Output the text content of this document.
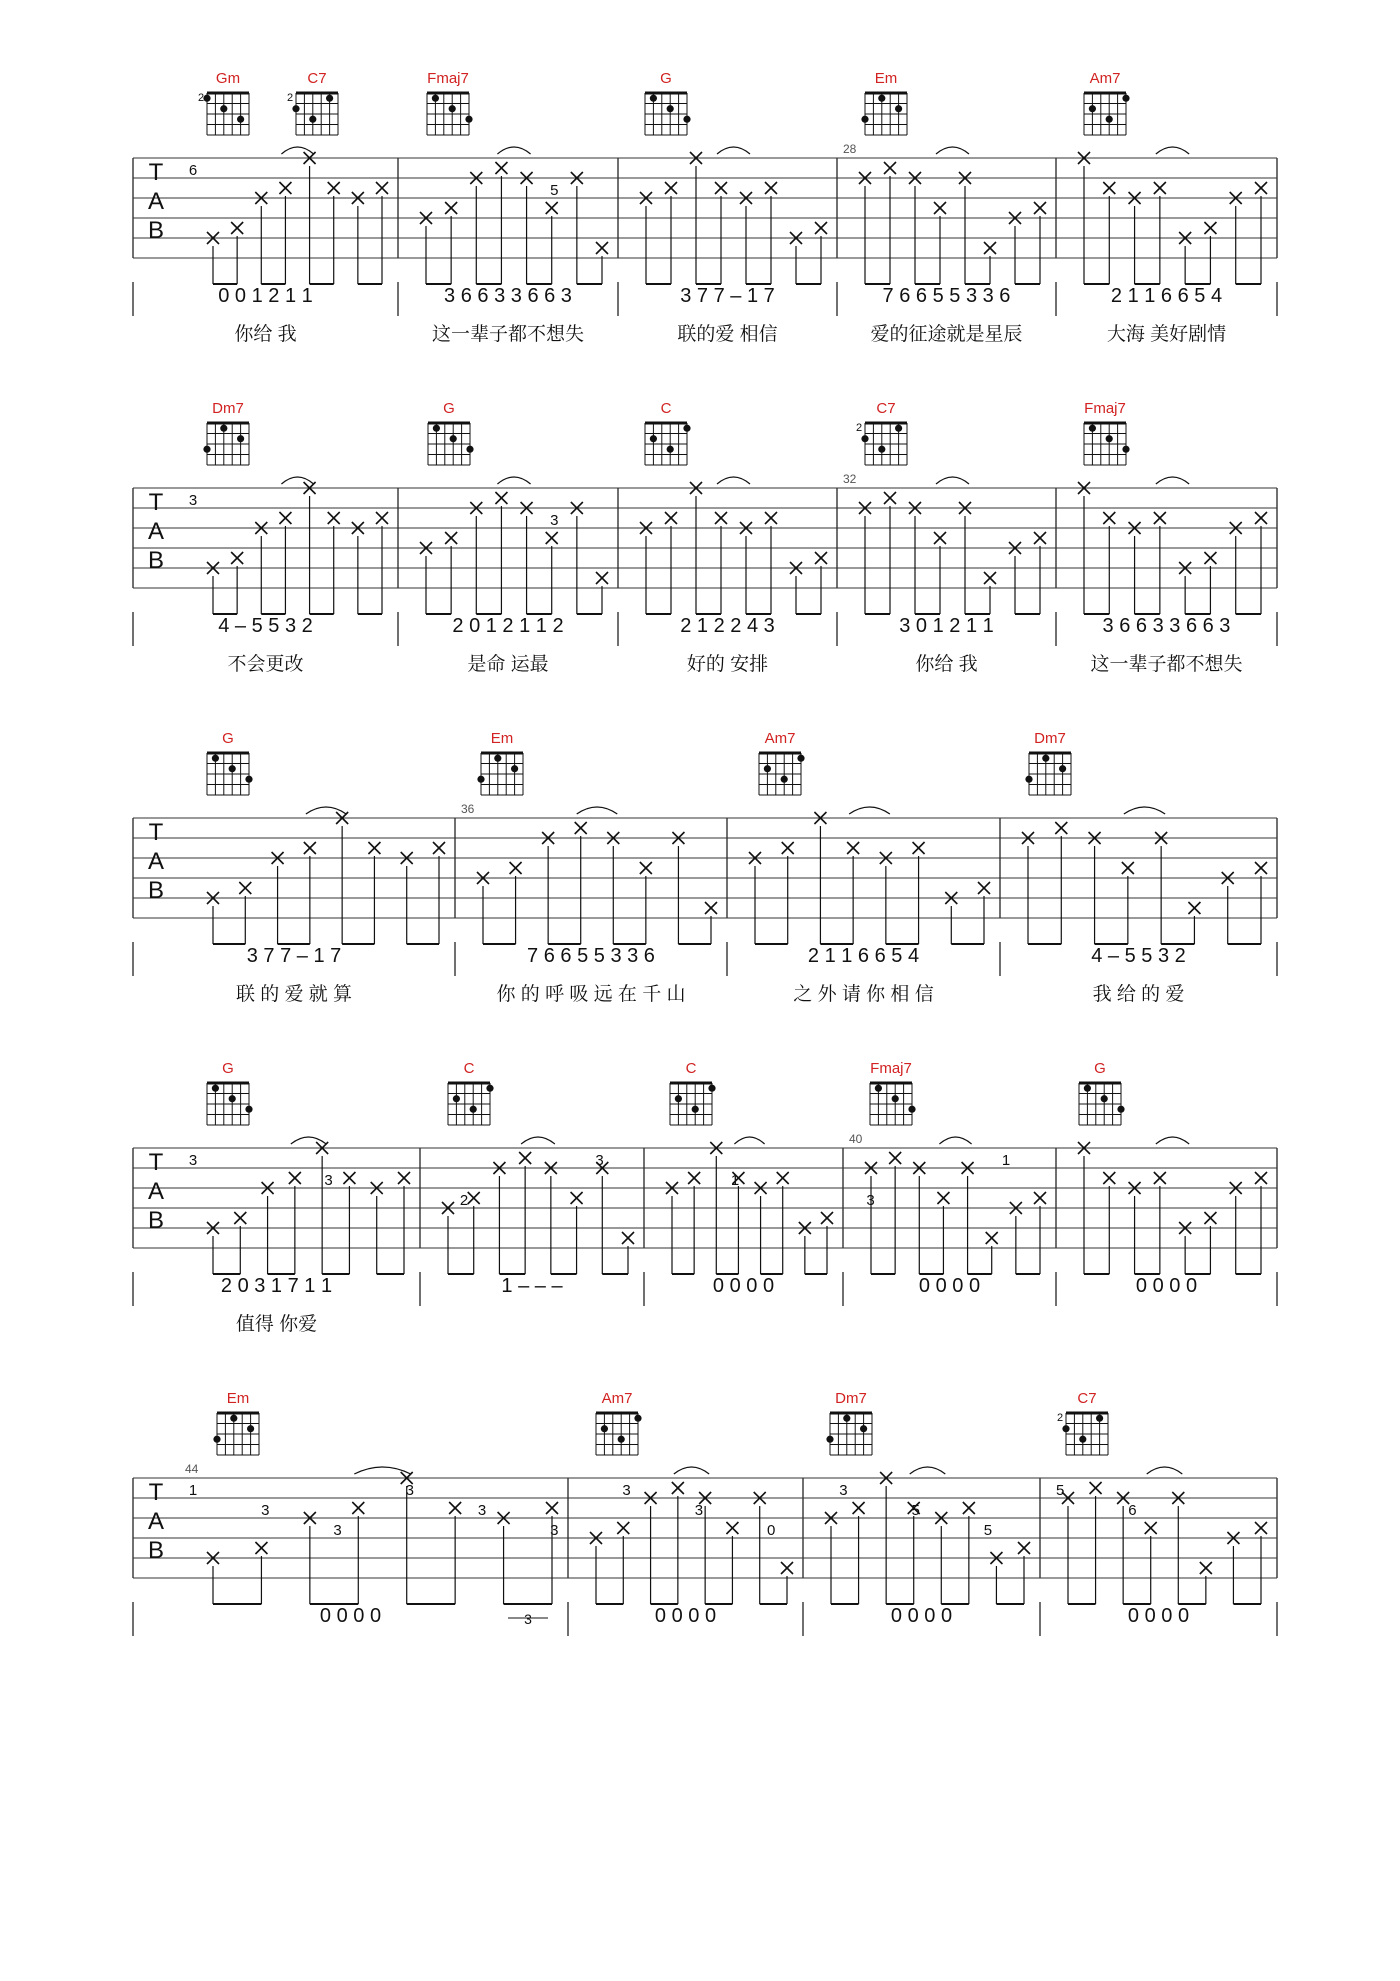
Gm
2
C7
2
Fmaj7	G	Em	Am7
T
A
B
28
6
5
0 0 1 2 1 1	3 6 6 3 3 6 6 3	3 7 7 – 1 7	7 6 6 5 5 3 3 6	2 1 1 6 6 5 4
你给 我	这一辈子都不想失	联的爱 相信	爱的征途就是星辰	大海 美好剧情
Dm7	G	C	C7
2
Fmaj7
T
A
B
32
3
3
4 – 5 5 3 2	2 0 1 2 1 1 2	2 1 2 2 4 3	3 0 1 2 1 1	3 6 6 3 3 6 6 3
不会更改	是命 运最	好的 安排	你给 我	这一辈子都不想失
G	Em	Am7	Dm7
T
A
B
36
3 7 7 – 1 7	7 6 6 5 5 3 3 6	2 1 1 6 6 5 4	4 – 5 5 3 2
联 的 爱 就 算	你 的 呼 吸 远 在 千 山	之 外 请 你 相 信	我 给 的 爱
G	C	C	Fmaj7	G
T
A
B
40
3
3
2
3
1
3
1
2 0 3 1 7 1 1	1 – – –	0 0 0 0	0 0 0 0	0 0 0 0
值得 你爱
Em	Am7	Dm7	C7
2
T
A
B
44
1
3
3
3
3
3
3
3
0
3
5
5
5
6
0 0 0 0	0 0 0 0	0 0 0 0	0 0 0 0
3
